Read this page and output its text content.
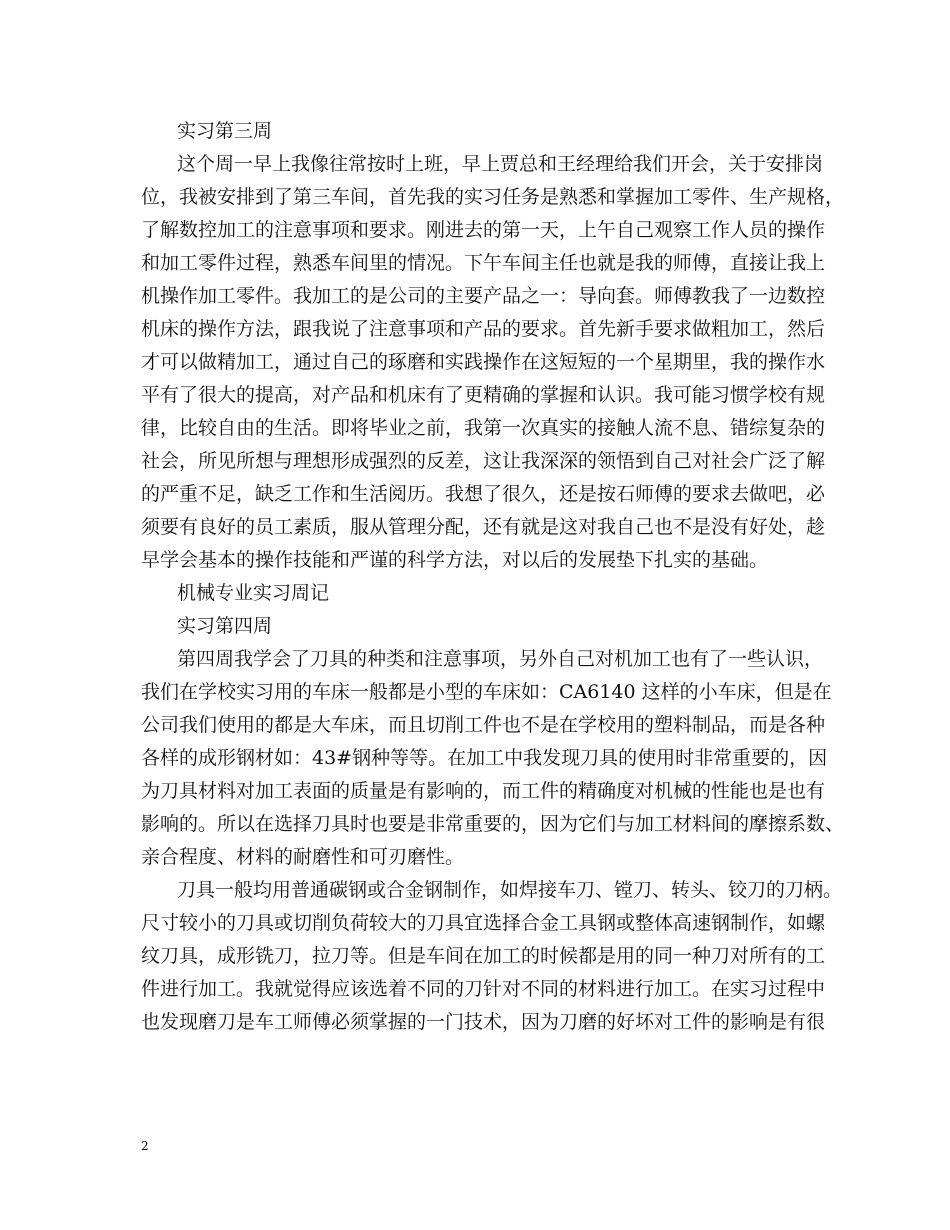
实习第三周
这个周一早上我像往常按时上班，早上贾总和王经理给我们开会，关于安排岗
位，我被安排到了第三车间，首先我的实习任务是熟悉和掌握加工零件、生产规格，
了解数控加工的注意事项和要求。刚进去的第一天，上午自己观察工作人员的操作
和加工零件过程，熟悉车间里的情况。下午车间主任也就是我的师傅，直接让我上
机操作加工零件。我加工的是公司的主要产品之一：导向套。师傅教我了一边数控
机床的操作方法，跟我说了注意事项和产品的要求。首先新手要求做粗加工，然后
才可以做精加工，通过自己的琢磨和实践操作在这短短的一个星期里，我的操作水
平有了很大的提高，对产品和机床有了更精确的掌握和认识。我可能习惯学校有规
律，比较自由的生活。即将毕业之前，我第一次真实的接触人流不息、错综复杂的
社会，所见所想与理想形成强烈的反差，这让我深深的领悟到自己对社会广泛了解
的严重不足，缺乏工作和生活阅历。我想了很久，还是按石师傅的要求去做吧，必
须要有良好的员工素质，服从管理分配，还有就是这对我自己也不是没有好处，趁
早学会基本的操作技能和严谨的科学方法，对以后的发展垫下扎实的基础。
机械专业实习周记
实习第四周
第四周我学会了刀具的种类和注意事项，另外自己对机加工也有了一些认识，
我们在学校实习用的车床一般都是小型的车床如：CA6140 这样的小车床，但是在
公司我们使用的都是大车床，而且切削工件也不是在学校用的塑料制品，而是各种
各样的成形钢材如：43#钢种等等。在加工中我发现刀具的使用时非常重要的，因
为刀具材料对加工表面的质量是有影响的，而工件的精确度对机械的性能也是也有
影响的。所以在选择刀具时也要是非常重要的，因为它们与加工材料间的摩擦系数、
亲合程度、材料的耐磨性和可刃磨性。
刀具一般均用普通碳钢或合金钢制作，如焊接车刀、镗刀、转头、铰刀的刀柄。
尺寸较小的刀具或切削负荷较大的刀具宜选择合金工具钢或整体高速钢制作，如螺
纹刀具，成形铣刀，拉刀等。但是车间在加工的时候都是用的同一种刀对所有的工
件进行加工。我就觉得应该选着不同的刀针对不同的材料进行加工。在实习过程中
也发现磨刀是车工师傅必须掌握的一门技术，因为刀磨的好坏对工件的影响是有很
2
